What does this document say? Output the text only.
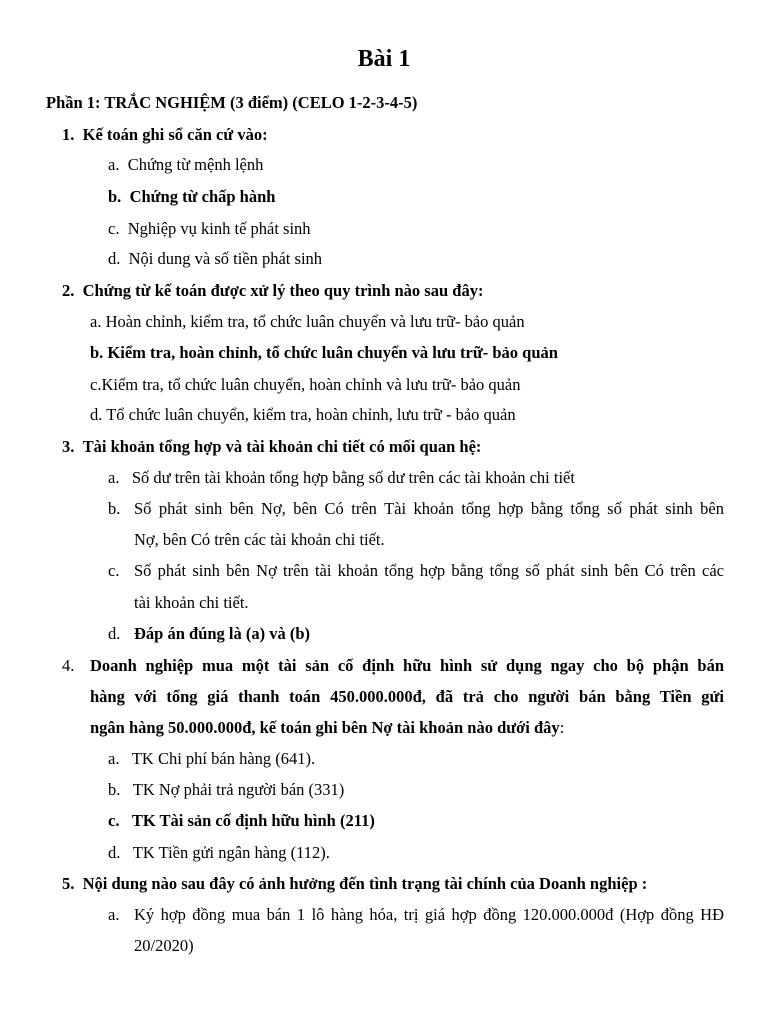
Bài 1
Phần 1: TRẮC NGHIỆM (3 điểm) (CELO 1-2-3-4-5)
1. Kế toán ghi sổ căn cứ vào:
a. Chứng từ mệnh lệnh
b. Chứng từ chấp hành
c. Nghiệp vụ kinh tế phát sinh
d. Nội dung và số tiền phát sinh
2. Chứng từ kế toán được xử lý theo quy trình nào sau đây:
a. Hoàn chỉnh, kiểm tra, tổ chức luân chuyển và lưu trữ- bảo quản
b. Kiểm tra, hoàn chỉnh, tổ chức luân chuyển và lưu trữ- bảo quản
c.Kiểm tra, tổ chức luân chuyển, hoàn chỉnh và lưu trữ- bảo quản
d. Tổ chức luân chuyển, kiểm tra, hoàn chỉnh, lưu trữ - bảo quản
3. Tài khoản tổng hợp và tài khoản chi tiết có mối quan hệ:
a. Số dư trên tài khoản tổng hợp bằng số dư trên các tài khoản chi tiết
b. Số phát sinh bên Nợ, bên Có trên Tài khoản tổng hợp bằng tổng số phát sinh bên
Nợ, bên Có trên các tài khoản chi tiết.
c. Số phát sinh bên Nợ trên tài khoản tổng hợp bằng tổng số phát sinh bên Có trên các
tài khoản chi tiết.
d. Đáp án đúng là (a) và (b)
4. Doanh nghiệp mua một tài sản cố định hữu hình sử dụng ngay cho bộ phận bán
hàng với tổng giá thanh toán 450.000.000đ, đã trả cho người bán bằng Tiền gửi
ngân hàng 50.000.000đ, kế toán ghi bên Nợ tài khoản nào dưới đây:
a. TK Chi phí bán hàng (641).
b. TK Nợ phải trả người bán (331)
c. TK Tài sản cố định hữu hình (211)
d. TK Tiền gửi ngân hàng (112).
5. Nội dung nào sau đây có ảnh hưởng đến tình trạng tài chính của Doanh nghiệp :
a. Ký hợp đồng mua bán 1 lô hàng hóa, trị giá hợp đồng 120.000.000đ (Hợp đồng HĐ
20/2020)
